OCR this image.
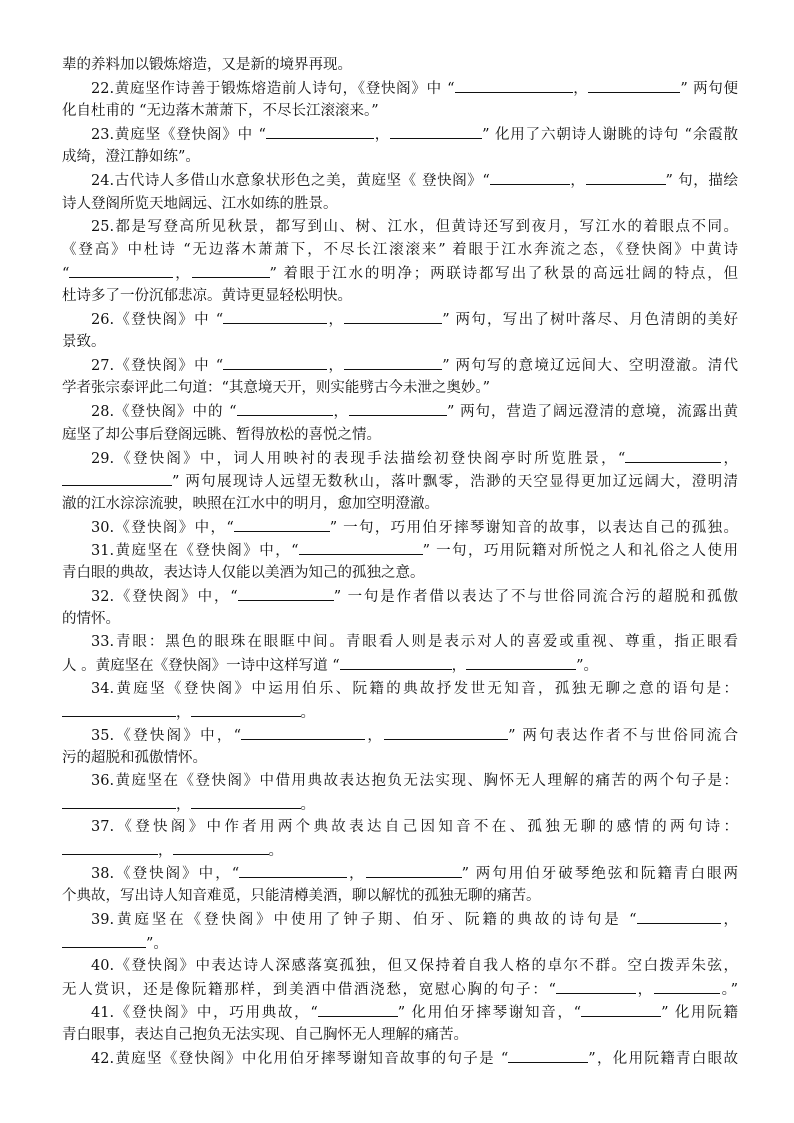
辈的养料加以锻炼熔造，又是新的境界再现。
22.黄庭坚作诗善于锻炼熔造前人诗句，《登快阁》中 “	，	” 两句便
化自杜甫的 “无边落木萧萧下，不尽长江滚滚来。”
23.黄庭坚《登快阁》中 “	，	” 化用了六朝诗人谢眺的诗句 “余霞散
成绮，澄江静如练”。
24.古代诗人多借山水意象状形色之美，黄庭坚《 登快阁》“	，	” 句，描绘
诗人登阁所览天地阔远、江水如练的胜景。
25.都是写登高所见秋景，都写到山、树、江水，但黄诗还写到夜月，写江水的着眼点不同。
《登高》中杜诗 “无边落木萧萧下，不尽长江滚滚来” 着眼于江水奔流之态，《登快阁》中黄诗
“	，	” 着眼于江水的明净；两联诗都写出了秋景的高远壮阔的特点，但
杜诗多了一份沉郁悲凉。黄诗更显轻松明快。
26.《登快阁》中 “	，	” 两句，写出了树叶落尽、月色清朗的美好
景致。
27.《登快阁》中 “	，	” 两句写的意境辽远间大、空明澄澈。清代
学者张宗泰评此二句道：“其意境天开，则实能劈古今未泄之奥妙。”
28.《登快阁》中的 “	，	” 两句，营造了阔远澄清的意境，流露出黄
庭坚了却公事后登阁远眺、暂得放松的喜悦之情。
29.《登快阁》中，词人用映衬的表现手法描绘初登快阁亭时所览胜景，“	，
” 两句展现诗人远望无数秋山，落叶飘零，浩渺的天空显得更加辽远阔大，澄明清
澈的江水淙淙流驶，映照在江水中的明月，愈加空明澄澈。
30.《登快阁》中，“	” 一句，巧用伯牙摔琴谢知音的故事，以表达自己的孤独。
31.黄庭坚在《登快阁》中，“	” 一句，巧用阮籍对所悦之人和礼俗之人使用
青白眼的典故，表达诗人仅能以美酒为知己的孤独之意。
32.《登快阁》中，“	” 一句是作者借以表达了不与世俗同流合污的超脱和孤傲
的情怀。
33.青眼：黑色的眼珠在眼眶中间。青眼看人则是表示对人的喜爱或重视、尊重，指正眼看
人 。黄庭坚在《登快阁》一诗中这样写道 “	，	”。
34.黄庭坚《登快阁》中运用伯乐、阮籍的典故抒发世无知音，孤独无聊之意的语句是：
，	。
35.《登快阁》中，“	，	” 两句表达作者不与世俗同流合
污的超脱和孤傲情怀。
36.黄庭坚在《登快阁》中借用典故表达抱负无法实现、胸怀无人理解的痛苦的两个句子是：
，	。
37.《登快阁》中作者用两个典故表达自己因知音不在、孤独无聊的感情的两句诗：
，	。
38.《登快阁》中，“	，	” 两句用伯牙破琴绝弦和阮籍青白眼两
个典故，写出诗人知音难觅，只能清樽美酒，聊以解忧的孤独无聊的痛苦。
39.黄庭坚在《登快阁》中使用了钟子期、伯牙、阮籍的典故的诗句是 “	，
”。
40.《登快阁》中表达诗人深感落寞孤独，但又保持着自我人格的卓尔不群。空白拨弄朱弦，
无人赏识，还是像阮籍那样，到美酒中借酒浇愁，宽慰心胸的句子：“	，	。”
41.《登快阁》中，巧用典故，“	” 化用伯牙摔琴谢知音，“	” 化用阮籍
青白眼事，表达自己抱负无法实现、自己胸怀无人理解的痛苦。
42.黄庭坚《登快阁》中化用伯牙摔琴谢知音故事的句子是 “	”，化用阮籍青白眼故
